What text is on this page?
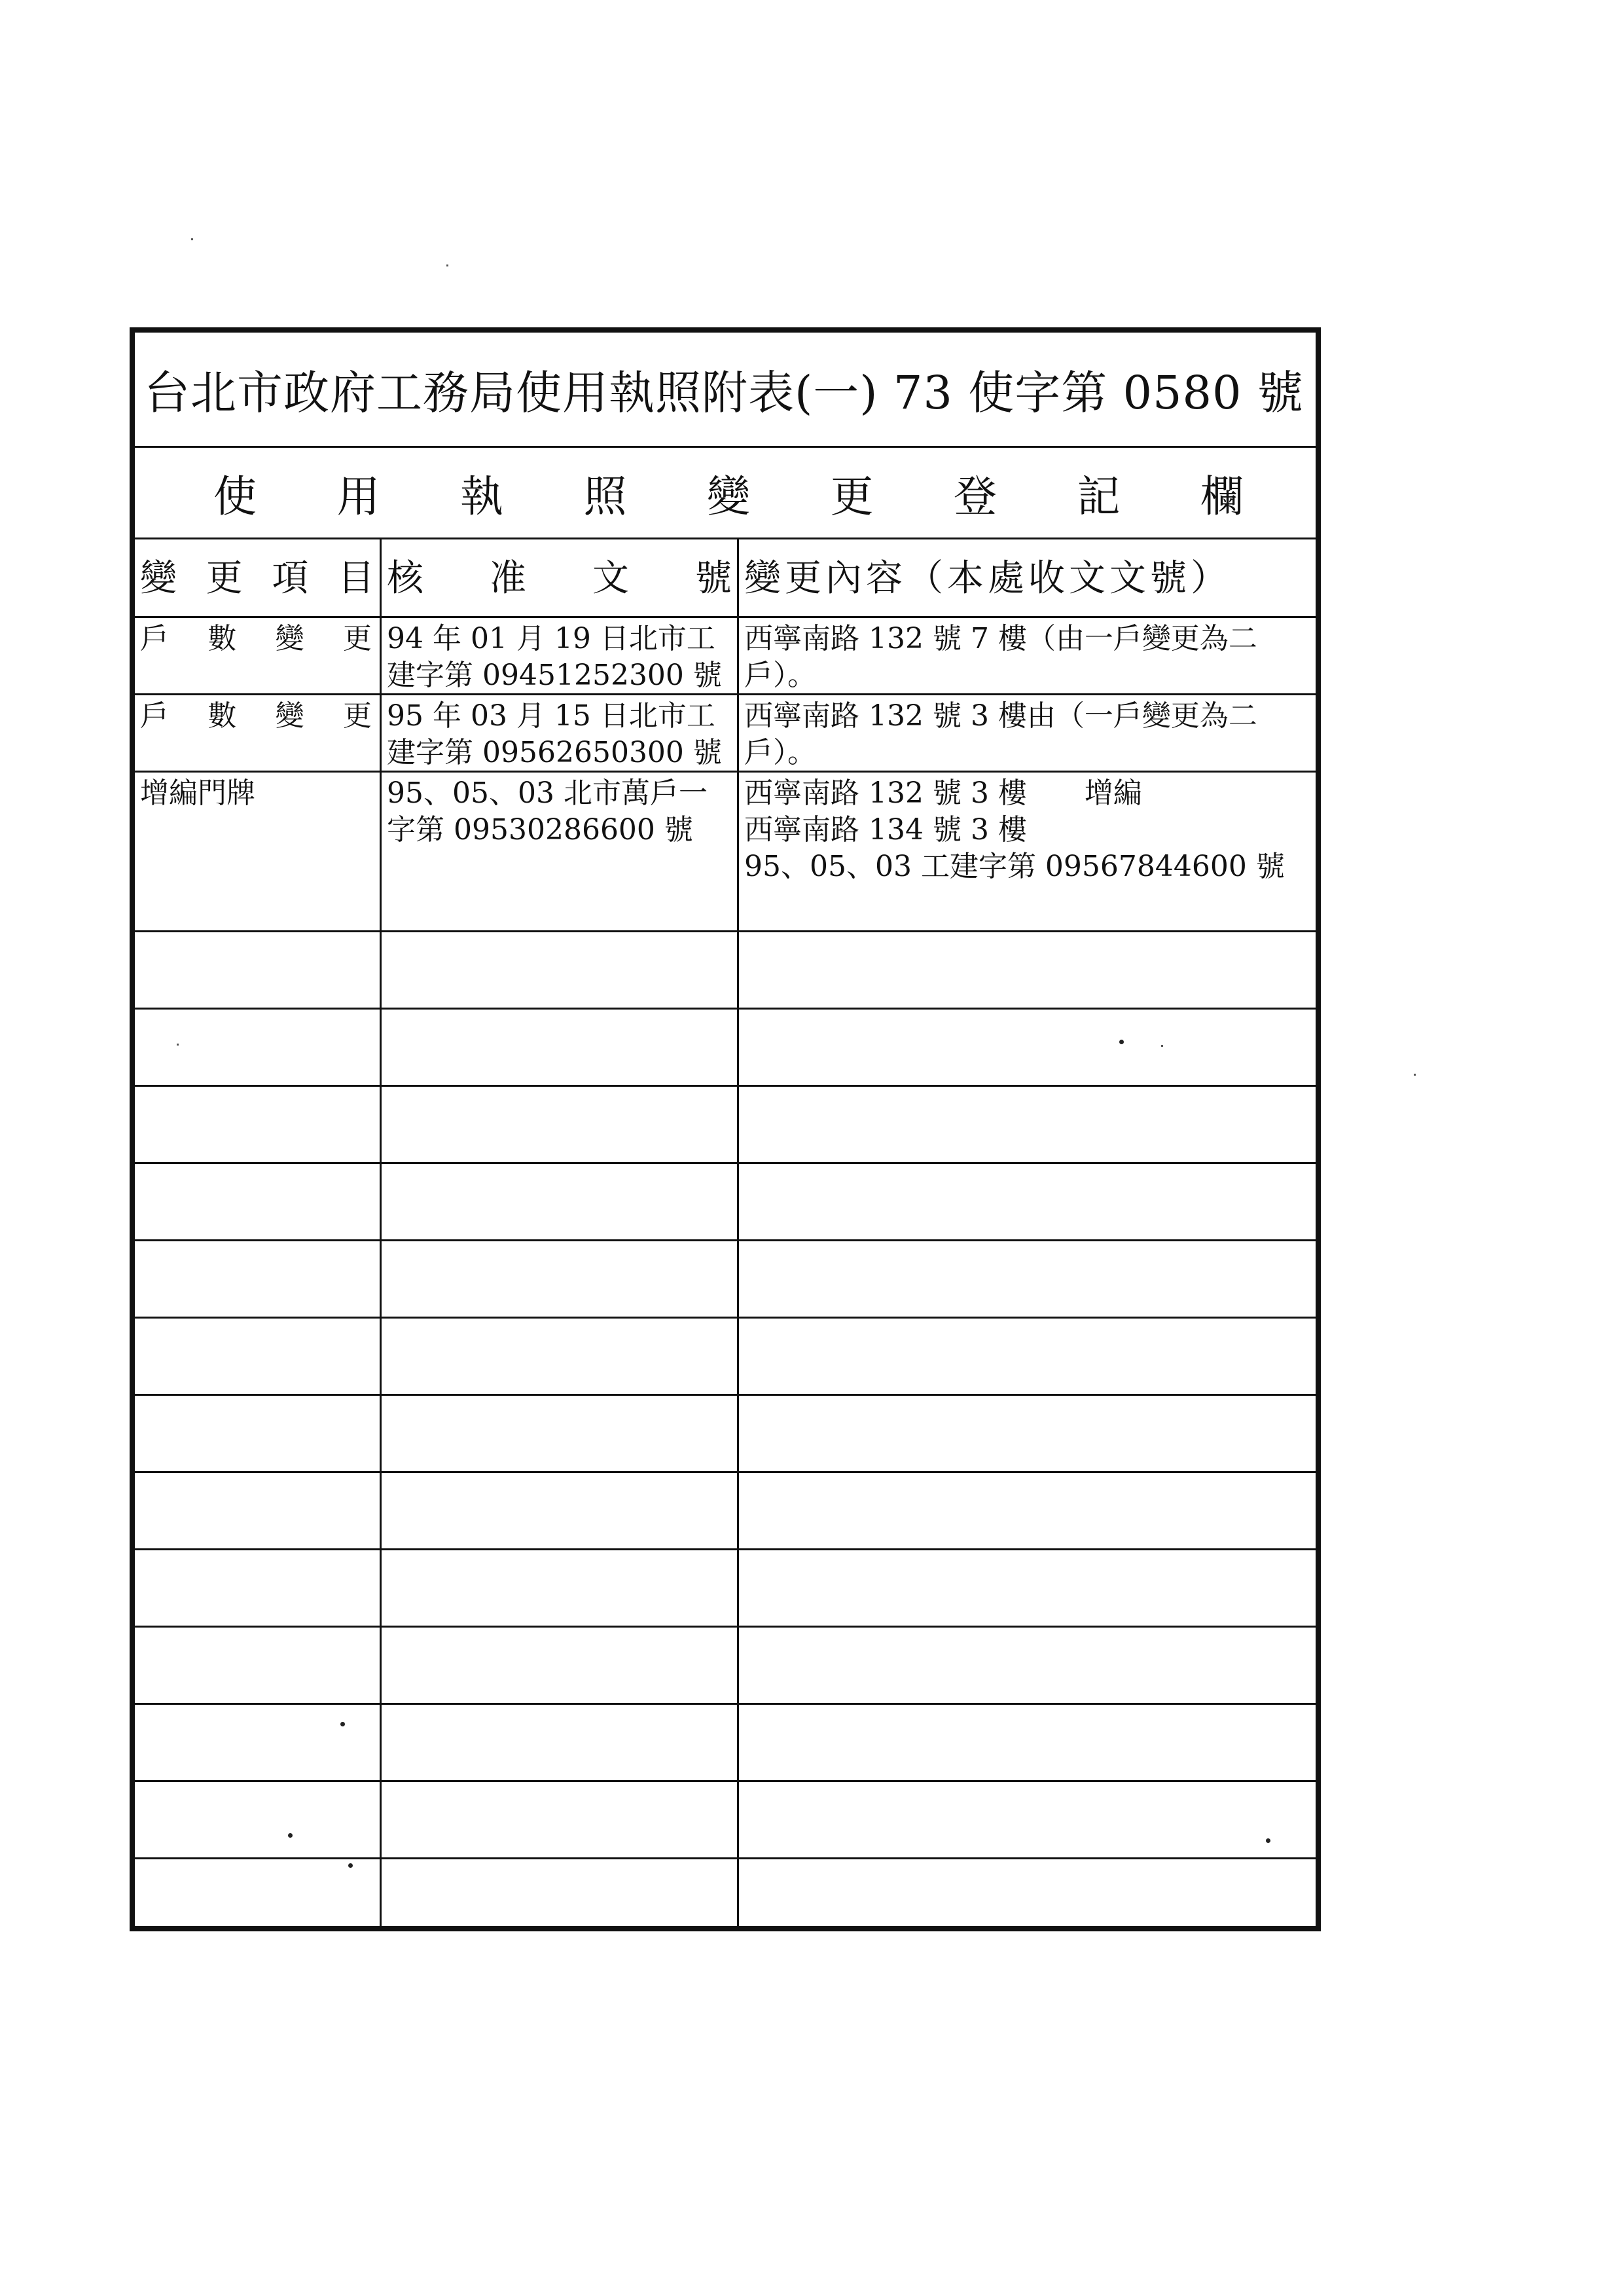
台北市政府工務局使用執照附表(一) 73 使字第 0580 號
使 用 執 照 變 更 登 記 欄
變 更 項 目 核 准 文 號 變更內容（本處收文文號）
戶 數 變 更 94 年 01 月 19 日北市工
建字第 09451252300 號
西寧南路 132 號 7 樓（由一戶變更為二
戶）。
戶 數 變 更 95 年 03 月 15 日北市工
建字第 09562650300 號
西寧南路 132 號 3 樓由（一戶變更為二
戶）。
增編門牌	95、05、03 北市萬戶一
字第 09530286600 號
西寧南路 132 號 3 樓　　增編
西寧南路 134 號 3 樓
95、05、03 工建字第 09567844600 號
